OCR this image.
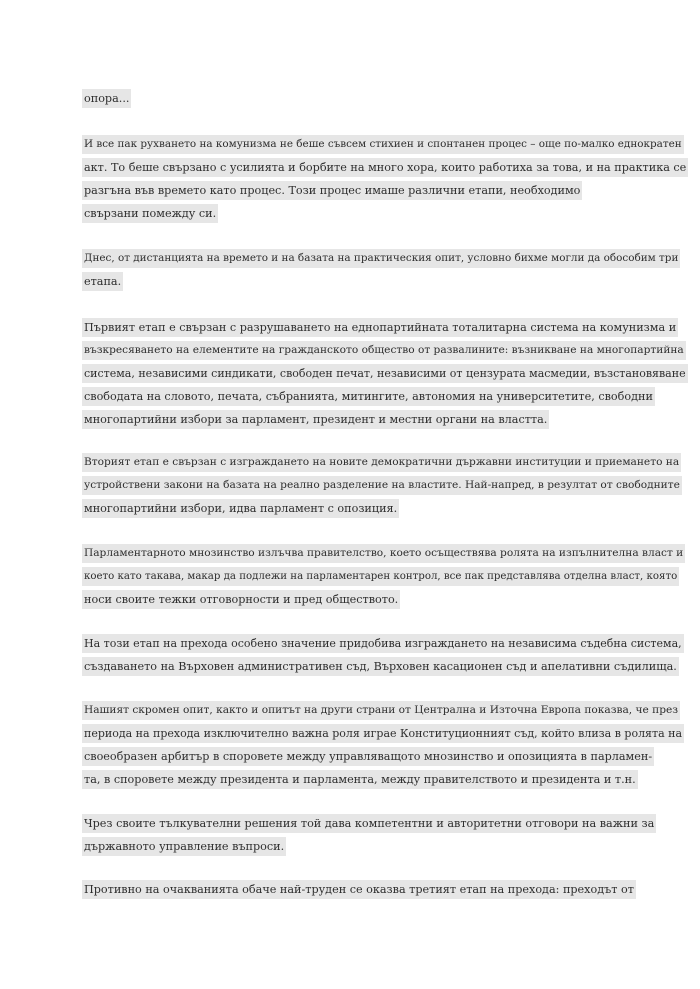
опора...
И все пак рухването на комунизма не беше съвсем стихиен и спонтанен процес – още по-малко еднократен
акт. То беше свързано с усилията и борбите на много хора, които работиха за това, и на практика се
разгъна във времето като процес. Този процес имаше различни етапи, необходимо
свързани помежду си.
Днес, от дистанцията на времето и на базата на практическия опит, условно бихме могли да обособим три
етапа.
Първият етап е свързан с разрушаването на еднопартийната тоталитарна система на комунизма и
възкресяването на елементите на гражданското общество от развалините: възникване на многопартийна
система, независими синдикати, свободен печат, независими от цензурата масмедии, възстановяване
свободата на словото, печата, събранията, митингите, автономия на университетите, свободни
многопартийни избори за парламент, президент и местни органи на властта.
Вторият етап е свързан с изграждането на новите демократични държавни институции и приемането на
устройствени закони на базата на реално разделение на властите. Най-напред, в резултат от свободните
многопартийни избори, идва парламент с опозиция.
Парламентарното мнозинство излъчва правителство, което осъществява ролята на изпълнителна власт и
което като такава, макар да подлежи на парламентарен контрол, все пак представлява отделна власт, която
носи своите тежки отговорности и пред обществото.
На този етап на прехода особено значение придобива изграждането на независима съдебна система,
създаването на Върховен административен съд, Върховен касационен съд и апелативни съдилища.
Нашият скромен опит, както и опитът на други страни от Централна и Източна Европа показва, че през
периода на прехода изключително важна роля играе Конституционният съд, който влиза в ролята на
своеобразен арбитър в споровете между управляващото мнозинство и опозицията в парламен-
та, в споровете между президента и парламента, между правителството и президента и т.н.
Чрез своите тълкувателни решения той дава компетентни и авторитетни отговори на важни за
държавното управление въпроси.
Противно на очакванията обаче най-труден се оказва третият етап на прехода: преходът от
